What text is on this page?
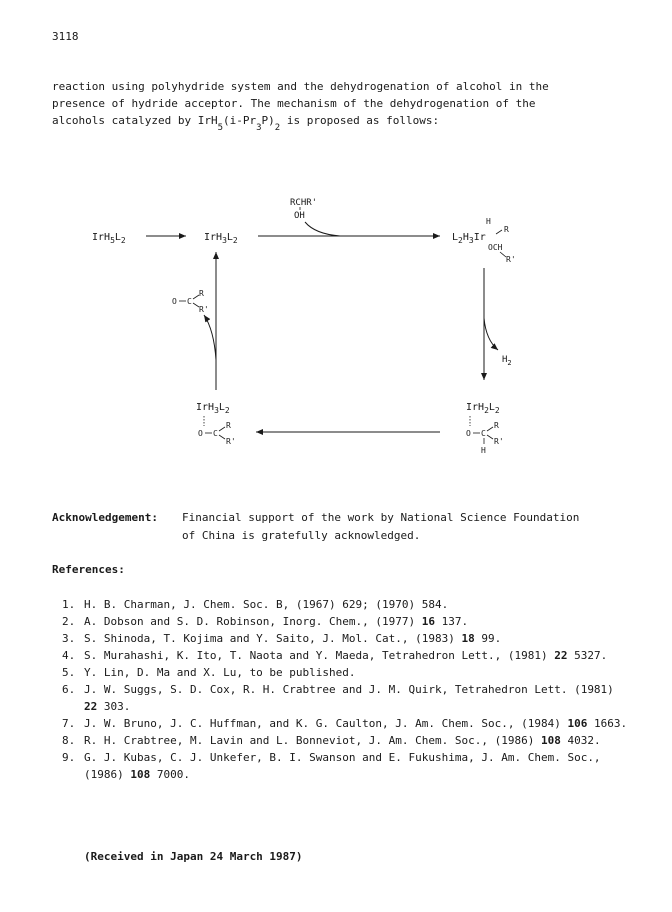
3118
reaction using polyhydride system and the dehydrogenation of alcohol in the
presence of hydride acceptor. The mechanism of the dehydrogenation of the
alcohols catalyzed by $IrH_5(i-Pr_3P)_2$ is proposed as follows:
$IrH_5L_2$	$IrH_3L_2$
RCHR'
OH
H
$L_2H_3Ir$
R
OCH
R'
$H_2$
$IrH_2L_2$
O C
R
R'
H
$IrH_3L_2$
O C
R
R'
O C
R
R'
Acknowledgement: Financial support of the work by National Science Foundation
of China is gratefully acknowledged.
References:
1. H. B. Charman, J. Chem. Soc. B, (1967) 629; (1970) 584.
2. A. Dobson and S. D. Robinson, Inorg. Chem., (1977) 16 137.
3. S. Shinoda, T. Kojima and Y. Saito, J. Mol. Cat., (1983) 18 99.
4. S. Murahashi, K. Ito, T. Naota and Y. Maeda, Tetrahedron Lett., (1981) 22 5327.
5. Y. Lin, D. Ma and X. Lu, to be published.
6. J. W. Suggs, S. D. Cox, R. H. Crabtree and J. M. Quirk, Tetrahedron Lett. (1981) 22 303.
7. J. W. Bruno, J. C. Huffman, and K. G. Caulton, J. Am. Chem. Soc., (1984) 106 1663.
8. R. H. Crabtree, M. Lavin and L. Bonneviot, J. Am. Chem. Soc., (1986) 108 4032.
9. G. J. Kubas, C. J. Unkefer, B. I. Swanson and E. Fukushima, J. Am. Chem. Soc., (1986) 108 7000.
(Received in Japan 24 March 1987)
